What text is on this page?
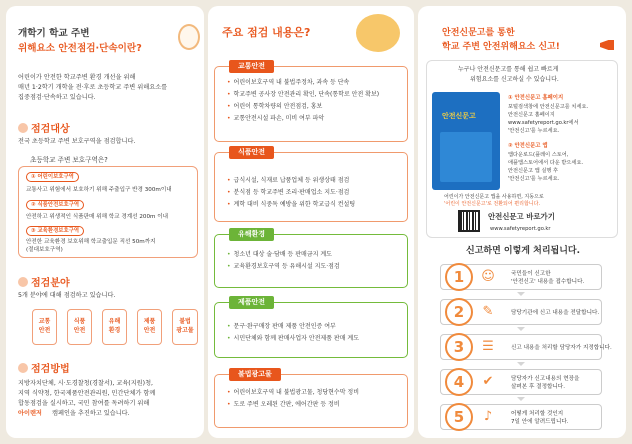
개학기 학교 주변
위해요소 안전점검·단속이란?
어린이가 안전한 학교주변 환경 개선을 위해
매년 1·2학기 개학을 전·후로 초등학교 주변 위해요소를
집중점검·단속하고 있습니다.
점검대상
전국 초등학교 주변 보호구역을 점검합니다.
초등학교 주변 보호구역은?
① 어린이보호구역
교통사고 위험에서 보호하기 위해 주출입구 반경 300m이내
② 식품안전보호구역
안전하고 위생적인 식품판매 위해 학교 경계선 200m 이내
③ 교육환경보호구역
안전한 교육환경 보호위해 학교출입문 직선 50m까지
(절대보호구역)
점검분야
5개 분야에 대해 점검하고 있습니다.
교통
안전
식품
안전
유해
환경
제품
안전
불법
광고물
점검방법
지방자치단체, 시·도경찰청(경찰서), 교육(지원)청,
지역 식약청, 한국제품안전관리원, 민간단체가 함께
합동점검을 실시하고, 국민 참여를 독려하기 위해
아이랜저 캠페인을 추진하고 있습니다.
주요 점검 내용은?
교통안전
• 어린이보호구역 내 불법주정차, 과속 등 단속
• 학교주변 공사장 안전관리 확인, 단속(통학로 안전 확보)
• 어린이 통학차량의 안전점검, 홍보
• 교통안전시설 파손, 미비 여부 파악
식품안전
• 급식시설, 식재료 납품업체 등 위생상태 점검
• 분식점 등 학교주변 조리·판매업소 지도·점검
• 계학 대비 식중독 예방을 위한 학교급식 컨설팅
유해환경
• 청소년 대상 술·담배 등 판매금지 계도
• 교육환경보호구역 등 유해시설 지도·점검
제품안전
• 문구·완구매장 판매 제품 안전인증 여부
• 시민단체와 함께 판매사업자 안전제품 판매 계도
불법광고물
• 어린이보호구역 내 불법광고물, 청당현수막 정비
• 도로 주변 오레된 간판, 에어간판 등 정비
안전신문고를 통한
학교 주변 안전위해요소 신고!
누구나 안전신문고를 통해 쉽고 빠르게
위험요소를 신고하실 수 있습니다.
안전신문고
① 안전신문고 홈페이지
포털검색창에 안전신문고를 치세요.
안전신문고 홈페이지
www.safetyreport.go.kr에서
'안전신고'를 누르세요.
② 안전신문고 앱
앱다운로드(플레이 스토어,
애플앱스토어에서 다운 받으세요.
안전신문고 앱 실행 후
'안전신고'를 누르세요.
어린이가 안전신문고 앱을 사용하면, 지동으로
'어린이 안전신문고'로 전환되어 편리합니다.
안전신문고 바로가기
www.safetyreport.go.kr
신고하면 이렇게 처리됩니다.
1	☺	국민들이 신고한
'안전신고' 내용을 접수합니다.
2	✎	담당기관에 신고 내용을 전달합니다.
3	☰	신고 내용을 처리할 담당자가 지정합니다.
4	✔	담당자가 신고내용의 현장을
살펴본 후 결정합니다.
5	♪	어떻게 처리할 것인지
7일 안에 알려드립니다.
